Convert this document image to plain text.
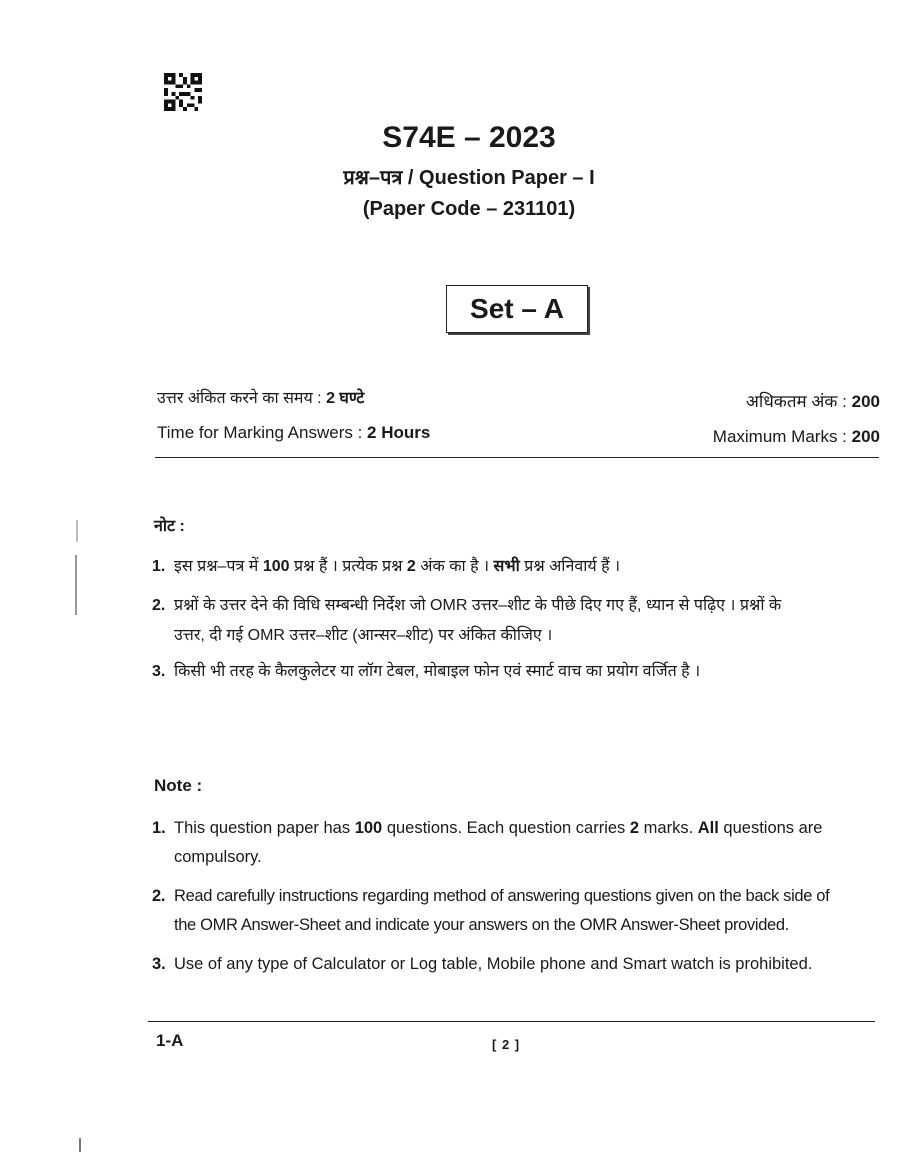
S74E – 2023
प्रश्न–पत्र / Question Paper – I
(Paper Code – 231101)
Set – A
उत्तर अंकित करने का समय : 2 घण्टे	अधिकतम अंक : 200
Time for Marking Answers : 2 Hours	Maximum Marks : 200
नोट :
1. इस प्रश्न–पत्र में 100 प्रश्न हैं । प्रत्येक प्रश्न 2 अंक का है । सभी प्रश्न अनिवार्य हैं ।
2. प्रश्नों के उत्तर देने की विधि सम्बन्धी निर्देश जो OMR उत्तर–शीट के पीछे दिए गए हैं, ध्यान से पढ़िए । प्रश्नों के
उत्तर, दी गई OMR उत्तर–शीट (आन्सर–शीट) पर अंकित कीजिए ।
3. किसी भी तरह के कैलकुलेटर या लॉग टेबल, मोबाइल फोन एवं स्मार्ट वाच का प्रयोग वर्जित है ।
Note :
1. This question paper has 100 questions. Each question carries 2 marks. All questions are
compulsory.
2. Read carefully instructions regarding method of answering questions given on the back side of
the OMR Answer-Sheet and indicate your answers on the OMR Answer-Sheet provided.
3. Use of any type of Calculator or Log table, Mobile phone and Smart watch is prohibited.
1-A	[ 2 ]
